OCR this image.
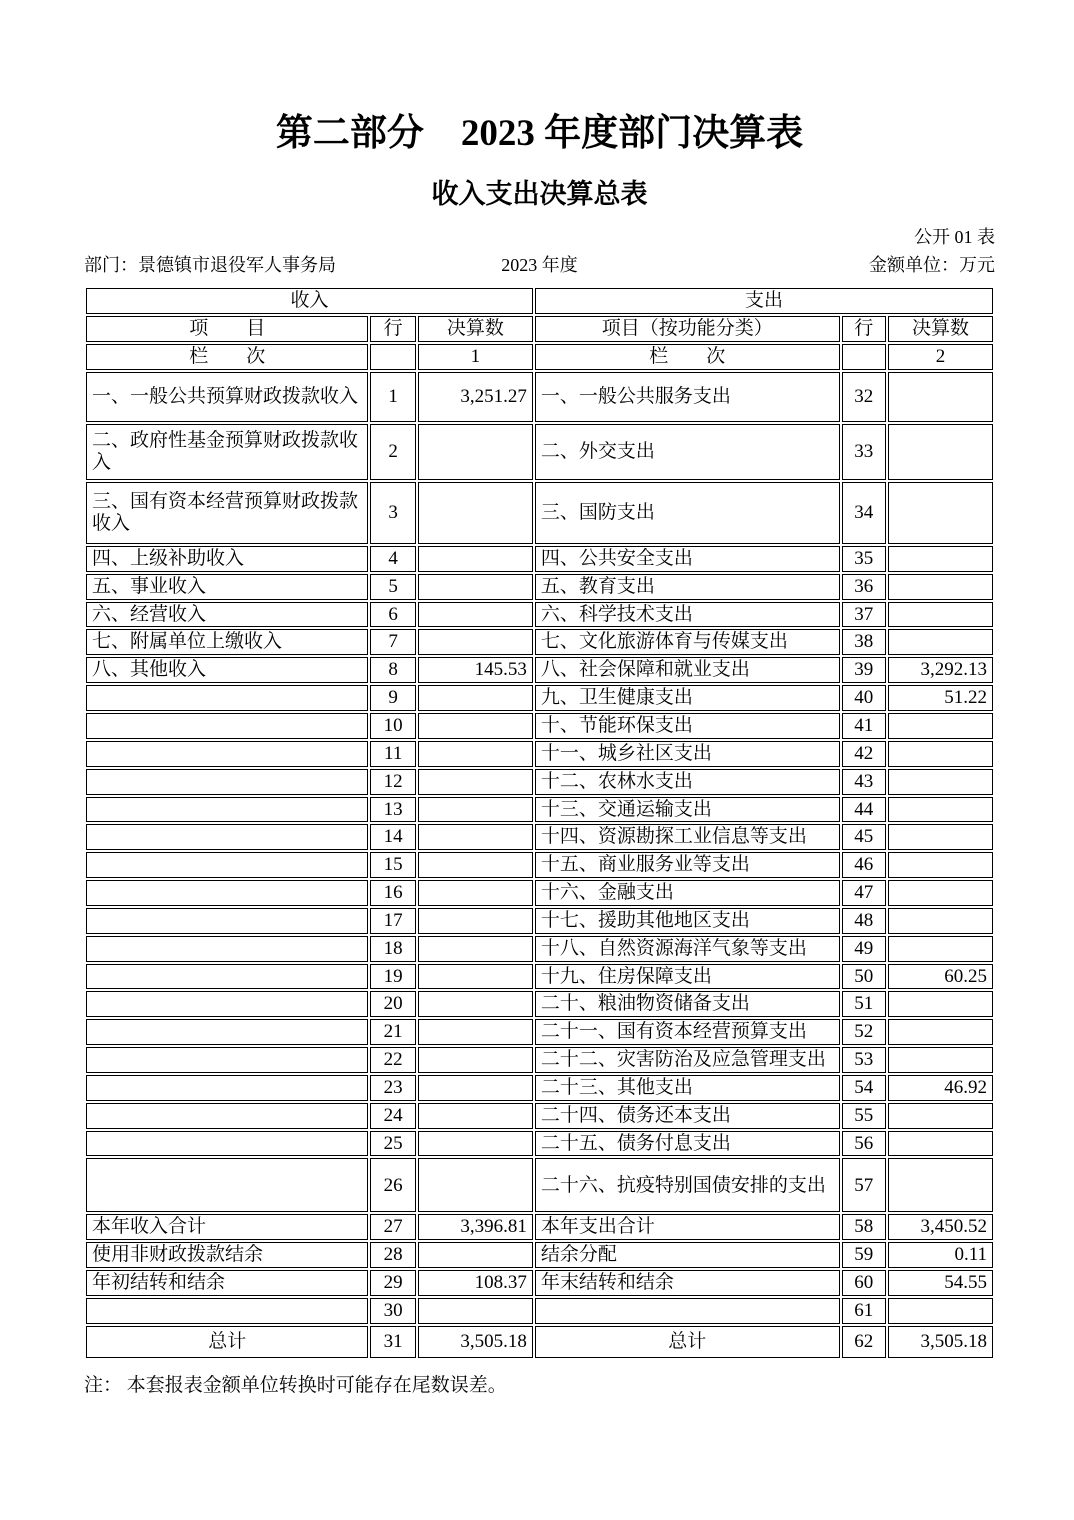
第二部分　2023 年度部门决算表
收入支出决算总表
公开 01 表
部门：景德镇市退役军人事务局	2023 年度	金额单位：万元
收入			支出		
项　　目	行	决算数	项目（按功能分类）	行	决算数
栏　　次		1	栏　　次		2
一、一般公共预算财政拨款收入	1	3,251.27	一、一般公共服务支出	32	
二、政府性基金预算财政拨款收入	2		二、外交支出	33	
三、国有资本经营预算财政拨款收入	3		三、国防支出	34	
四、上级补助收入	4		四、公共安全支出	35	
五、事业收入	5		五、教育支出	36	
六、经营收入	6		六、科学技术支出	37	
七、附属单位上缴收入	7		七、文化旅游体育与传媒支出	38	
八、其他收入	8	145.53	八、社会保障和就业支出	39	3,292.13
	9		九、卫生健康支出	40	51.22
	10		十、节能环保支出	41	
	11		十一、城乡社区支出	42	
	12		十二、农林水支出	43	
	13		十三、交通运输支出	44	
	14		十四、资源勘探工业信息等支出	45	
	15		十五、商业服务业等支出	46	
	16		十六、金融支出	47	
	17		十七、援助其他地区支出	48	
	18		十八、自然资源海洋气象等支出	49	
	19		十九、住房保障支出	50	60.25
	20		二十、粮油物资储备支出	51	
	21		二十一、国有资本经营预算支出	52	
	22		二十二、灾害防治及应急管理支出	53	
	23		二十三、其他支出	54	46.92
	24		二十四、债务还本支出	55	
	25		二十五、债务付息支出	56	
	26		二十六、抗疫特别国债安排的支出	57	
本年收入合计	27	3,396.81	本年支出合计	58	3,450.52
使用非财政拨款结余	28		结余分配	59	0.11
年初结转和结余	29	108.37	年末结转和结余	60	54.55
	30			61	
总计	31	3,505.18	总计	62	3,505.18
注： 本套报表金额单位转换时可能存在尾数误差。
